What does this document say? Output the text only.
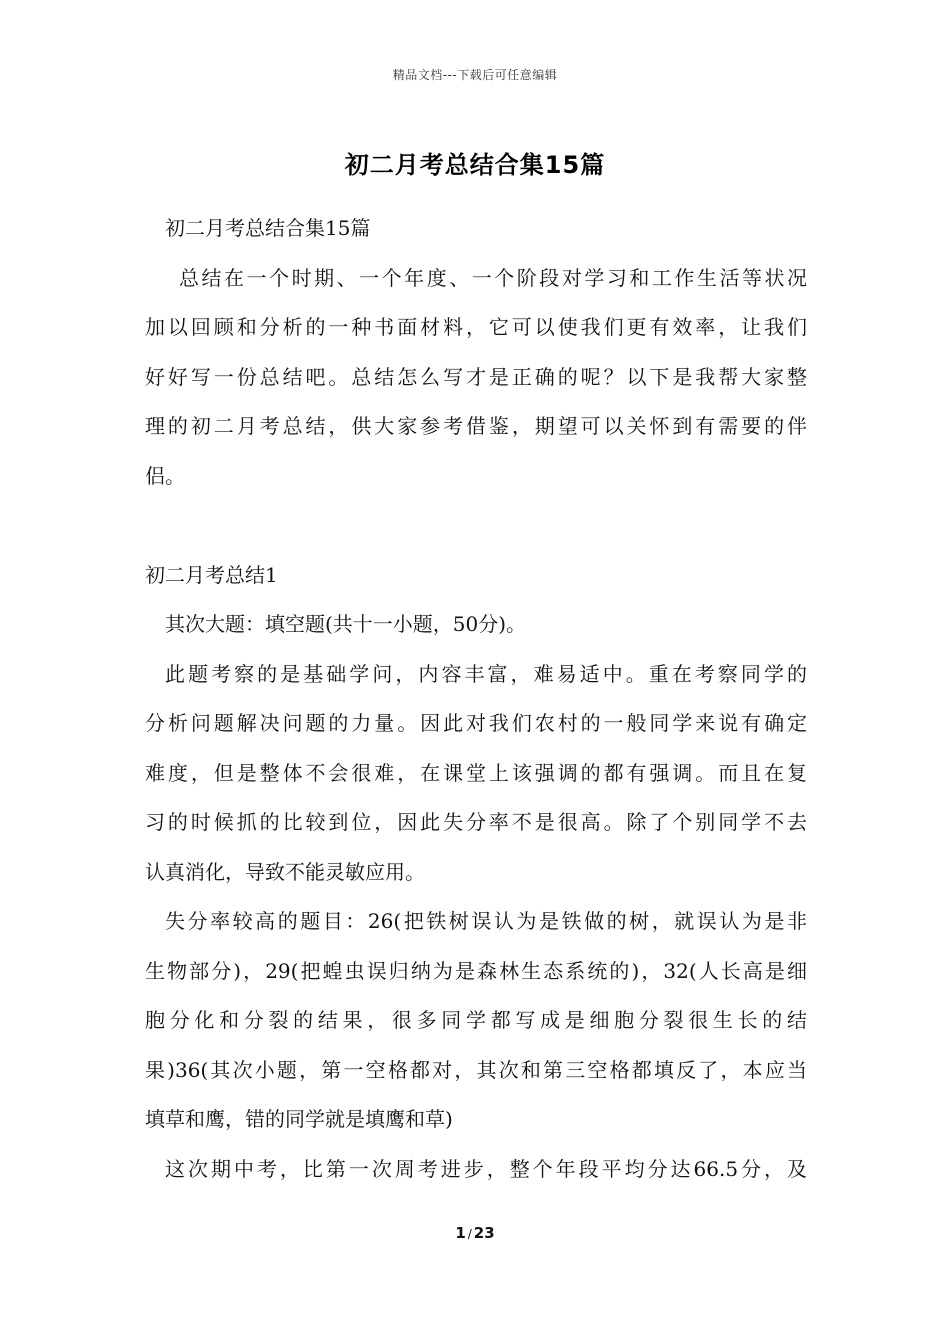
精品文档---下载后可任意编辑
初二月考总结合集15篇
初二月考总结合集15篇
总结在一个时期、一个年度、一个阶段对学习和工作生活等状况
加以回顾和分析的一种书面材料，它可以使我们更有效率，让我们
好好写一份总结吧。总结怎么写才是正确的呢？以下是我帮大家整
理的初二月考总结，供大家参考借鉴，期望可以关怀到有需要的伴
侣。
初二月考总结1
其次大题：填空题(共十一小题，50分)。
此题考察的是基础学问，内容丰富，难易适中。重在考察同学的
分析问题解决问题的力量。因此对我们农村的一般同学来说有确定
难度，但是整体不会很难，在课堂上该强调的都有强调。而且在复
习的时候抓的比较到位，因此失分率不是很高。除了个别同学不去
认真消化，导致不能灵敏应用。
失分率较高的题目：26(把铁树误认为是铁做的树，就误认为是非
生物部分)，29(把蝗虫误归纳为是森林生态系统的)，32(人长高是细
胞分化和分裂的结果，很多同学都写成是细胞分裂很生长的结
果)36(其次小题，第一空格都对，其次和第三空格都填反了，本应当
填草和鹰，错的同学就是填鹰和草)
这次期中考，比第一次周考进步，整个年段平均分达66.5分，及
1 / 23
